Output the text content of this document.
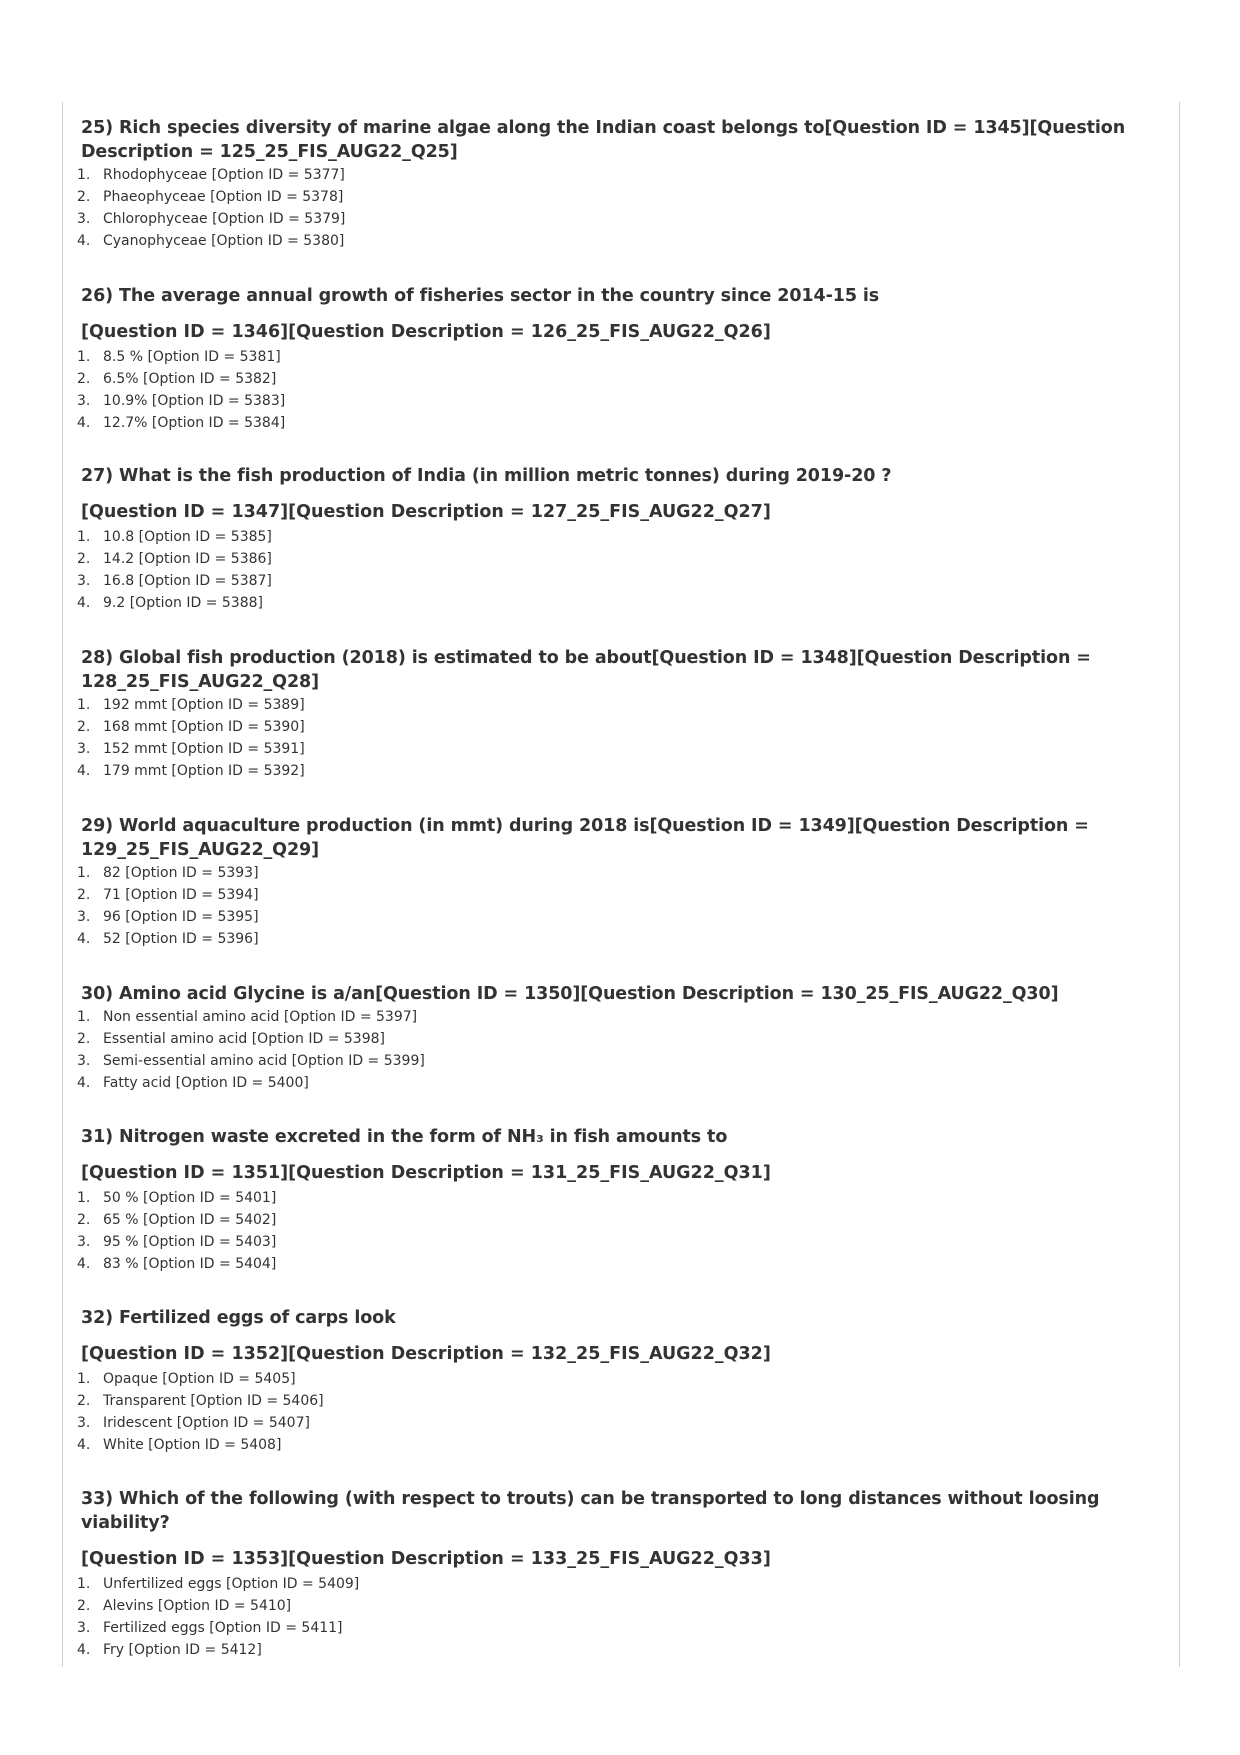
25) Rich species diversity of marine algae along the Indian coast belongs to[Question ID = 1345][Question Description = 125_25_FIS_AUG22_Q25]

1. Rhodophyceae [Option ID = 5377]
2. Phaeophyceae [Option ID = 5378]
3. Chlorophyceae [Option ID = 5379]
4. Cyanophyceae [Option ID = 5380]

26) The average annual growth of fisheries sector in the country since 2014-15 is

[Question ID = 1346][Question Description = 126_25_FIS_AUG22_Q26]

1. 8.5 % [Option ID = 5381]
2. 6.5% [Option ID = 5382]
3. 10.9% [Option ID = 5383]
4. 12.7% [Option ID = 5384]

27) What is the fish production of India (in million metric tonnes) during 2019-20 ?

[Question ID = 1347][Question Description = 127_25_FIS_AUG22_Q27]

1. 10.8 [Option ID = 5385]
2. 14.2 [Option ID = 5386]
3. 16.8 [Option ID = 5387]
4. 9.2 [Option ID = 5388]

28) Global fish production (2018) is estimated to be about[Question ID = 1348][Question Description = 128_25_FIS_AUG22_Q28]

1. 192 mmt [Option ID = 5389]
2. 168 mmt [Option ID = 5390]
3. 152 mmt [Option ID = 5391]
4. 179 mmt [Option ID = 5392]

29) World aquaculture production (in mmt) during 2018 is[Question ID = 1349][Question Description = 129_25_FIS_AUG22_Q29]

1. 82 [Option ID = 5393]
2. 71 [Option ID = 5394]
3. 96 [Option ID = 5395]
4. 52 [Option ID = 5396]

30) Amino acid Glycine is a/an[Question ID = 1350][Question Description = 130_25_FIS_AUG22_Q30]

1. Non essential amino acid [Option ID = 5397]
2. Essential amino acid [Option ID = 5398]
3. Semi-essential amino acid [Option ID = 5399]
4. Fatty acid [Option ID = 5400]

31) Nitrogen waste excreted in the form of NH₃ in fish amounts to

[Question ID = 1351][Question Description = 131_25_FIS_AUG22_Q31]

1. 50 % [Option ID = 5401]
2. 65 % [Option ID = 5402]
3. 95 % [Option ID = 5403]
4. 83 % [Option ID = 5404]

32) Fertilized eggs of carps look

[Question ID = 1352][Question Description = 132_25_FIS_AUG22_Q32]

1. Opaque [Option ID = 5405]
2. Transparent [Option ID = 5406]
3. Iridescent [Option ID = 5407]
4. White [Option ID = 5408]

33) Which of the following (with respect to trouts) can be transported to long distances without loosing viability?

[Question ID = 1353][Question Description = 133_25_FIS_AUG22_Q33]

1. Unfertilized eggs [Option ID = 5409]
2. Alevins [Option ID = 5410]
3. Fertilized eggs [Option ID = 5411]
4. Fry [Option ID = 5412]
